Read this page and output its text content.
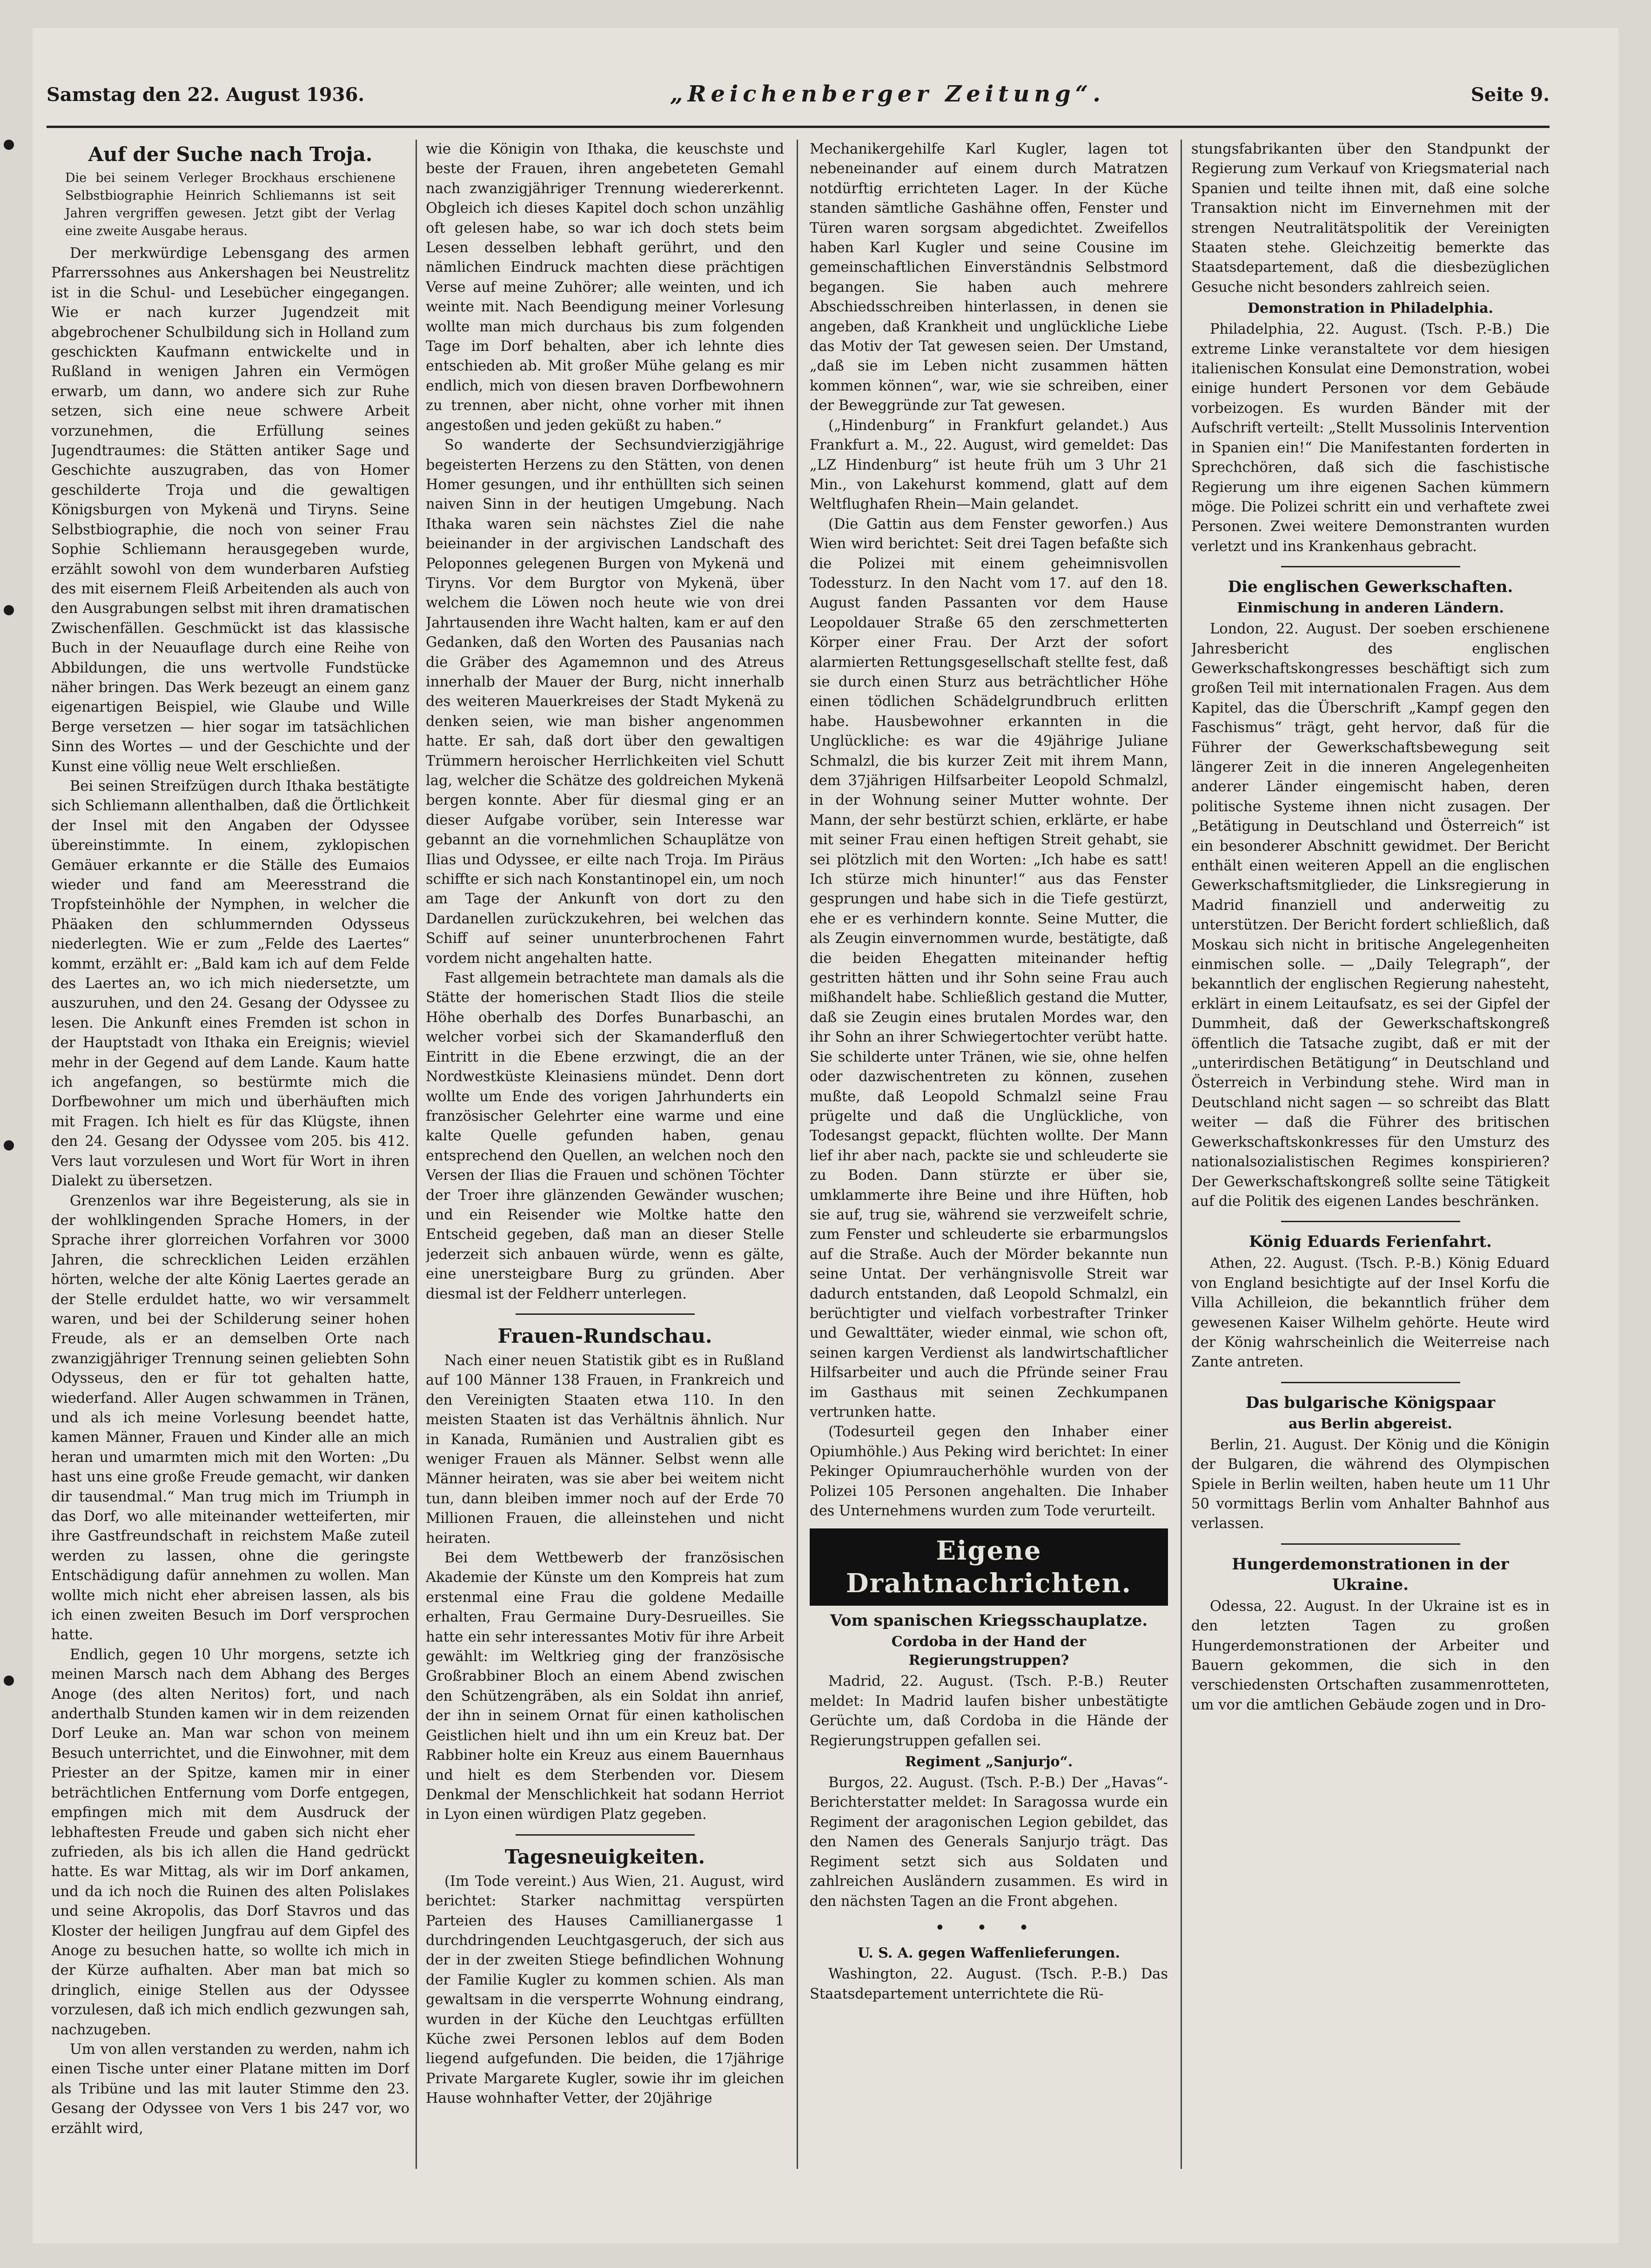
Samstag den 22. August 1936.	„Reichenberger Zeitung“.	Seite 9.
Auf der Suche nach Troja.
Die bei seinem Verleger Brockhaus erschienene Selbstbiographie Heinrich Schliemanns ist seit Jahren vergriffen gewesen. Jetzt gibt der Verlag eine zweite Ausgabe heraus.

Der merkwürdige Lebensgang des armen Pfarrerssohnes aus Ankershagen bei Neustrelitz ist in die Schul- und Lesebücher eingegangen. Wie er nach kurzer Jugendzeit mit abgebrochener Schulbildung sich in Holland zum geschickten Kaufmann entwickelte und in Rußland in wenigen Jahren ein Vermögen erwarb, um dann, wo andere sich zur Ruhe setzen, sich eine neue schwere Arbeit vorzunehmen, die Erfüllung seines Jugendtraumes: die Stätten antiker Sage und Geschichte auszugraben, das von Homer geschilderte Troja und die gewaltigen Königsburgen von Mykenä und Tiryns. Seine Selbstbiographie, die noch von seiner Frau Sophie Schliemann herausgegeben wurde, erzählt sowohl von dem wunderbaren Aufstieg des mit eisernem Fleiß Arbeitenden als auch von den Ausgrabungen selbst mit ihren dramatischen Zwischenfällen. Geschmückt ist das klassische Buch in der Neuauflage durch eine Reihe von Abbildungen, die uns wertvolle Fundstücke näher bringen. Das Werk bezeugt an einem ganz eigenartigen Beispiel, wie Glaube und Wille Berge versetzen — hier sogar im tatsächlichen Sinn des Wortes — und der Geschichte und der Kunst eine völlig neue Welt erschließen.

Bei seinen Streifzügen durch Ithaka bestätigte sich Schliemann allenthalben, daß die Örtlichkeit der Insel mit den Angaben der Odyssee übereinstimmte. In einem, zyklopischen Gemäuer erkannte er die Ställe des Eumaios wieder und fand am Meeresstrand die Tropfsteinhöhle der Nymphen, in welcher die Phäaken den schlummernden Odysseus niederlegten. Wie er zum „Felde des Laertes“ kommt, erzählt er: „Bald kam ich auf dem Felde des Laertes an, wo ich mich niedersetzte, um auszuruhen, und den 24. Gesang der Odyssee zu lesen. Die Ankunft eines Fremden ist schon in der Hauptstadt von Ithaka ein Ereignis; wieviel mehr in der Gegend auf dem Lande. Kaum hatte ich angefangen, so bestürmte mich die Dorfbewohner um mich und überhäuften mich mit Fragen. Ich hielt es für das Klügste, ihnen den 24. Gesang der Odyssee vom 205. bis 412. Vers laut vorzulesen und Wort für Wort in ihren Dialekt zu übersetzen.

Grenzenlos war ihre Begeisterung, als sie in der wohlklingenden Sprache Homers, in der Sprache ihrer glorreichen Vorfahren vor 3000 Jahren, die schrecklichen Leiden erzählen hörten, welche der alte König Laertes gerade an der Stelle erduldet hatte, wo wir versammelt waren, und bei der Schilderung seiner hohen Freude, als er an demselben Orte nach zwanzigjähriger Trennung seinen geliebten Sohn Odysseus, den er für tot gehalten hatte, wiederfand. Aller Augen schwammen in Tränen, und als ich meine Vorlesung beendet hatte, kamen Männer, Frauen und Kinder alle an mich heran und umarmten mich mit den Worten: „Du hast uns eine große Freude gemacht, wir danken dir tausendmal.“ Man trug mich im Triumph in das Dorf, wo alle miteinander wetteiferten, mir ihre Gastfreundschaft in reichstem Maße zuteil werden zu lassen, ohne die geringste Entschädigung dafür annehmen zu wollen. Man wollte mich nicht eher abreisen lassen, als bis ich einen zweiten Besuch im Dorf versprochen hatte.

Endlich, gegen 10 Uhr morgens, setzte ich meinen Marsch nach dem Abhang des Berges Anoge (des alten Neritos) fort, und nach anderthalb Stunden kamen wir in dem reizenden Dorf Leuke an. Man war schon von meinem Besuch unterrichtet, und die Einwohner, mit dem Priester an der Spitze, kamen mir in einer beträchtlichen Entfernung vom Dorfe entgegen, empfingen mich mit dem Ausdruck der lebhaftesten Freude und gaben sich nicht eher zufrieden, als bis ich allen die Hand gedrückt hatte. Es war Mittag, als wir im Dorf ankamen, und da ich noch die Ruinen des alten Polislakes und seine Akropolis, das Dorf Stavros und das Kloster der heiligen Jungfrau auf dem Gipfel des Anoge zu besuchen hatte, so wollte ich mich in der Kürze aufhalten. Aber man bat mich so dringlich, einige Stellen aus der Odyssee vorzulesen, daß ich mich endlich gezwungen sah, nachzugeben.

Um von allen verstanden zu werden, nahm ich einen Tische unter einer Platane mitten im Dorf als Tribüne und las mit lauter Stimme den 23. Gesang der Odyssee von Vers 1 bis 247 vor, wo erzählt wird,

wie die Königin von Ithaka, die keuschste und beste der Frauen, ihren angebeteten Gemahl nach zwanzigjähriger Trennung wiedererkennt. Obgleich ich dieses Kapitel doch schon unzählig oft gelesen habe, so war ich doch stets beim Lesen desselben lebhaft gerührt, und den nämlichen Eindruck machten diese prächtigen Verse auf meine Zuhörer; alle weinten, und ich weinte mit. Nach Beendigung meiner Vorlesung wollte man mich durchaus bis zum folgenden Tage im Dorf behalten, aber ich lehnte dies entschieden ab. Mit großer Mühe gelang es mir endlich, mich von diesen braven Dorfbewohnern zu trennen, aber nicht, ohne vorher mit ihnen angestoßen und jeden geküßt zu haben.“

So wanderte der Sechsundvierzigjährige begeisterten Herzens zu den Stätten, von denen Homer gesungen, und ihr enthüllten sich seinen naiven Sinn in der heutigen Umgebung. Nach Ithaka waren sein nächstes Ziel die nahe beieinander in der argivischen Landschaft des Peloponnes gelegenen Burgen von Mykenä und Tiryns. Vor dem Burgtor von Mykenä, über welchem die Löwen noch heute wie von drei Jahrtausenden ihre Wacht halten, kam er auf den Gedanken, daß den Worten des Pausanias nach die Gräber des Agamemnon und des Atreus innerhalb der Mauer der Burg, nicht innerhalb des weiteren Mauerkreises der Stadt Mykenä zu denken seien, wie man bisher angenommen hatte. Er sah, daß dort über den gewaltigen Trümmern heroischer Herrlichkeiten viel Schutt lag, welcher die Schätze des goldreichen Mykenä bergen konnte. Aber für diesmal ging er an dieser Aufgabe vorüber, sein Interesse war gebannt an die vornehmlichen Schauplätze von Ilias und Odyssee, er eilte nach Troja. Im Piräus schiffte er sich nach Konstantinopel ein, um noch am Tage der Ankunft von dort zu den Dardanellen zurückzukehren, bei welchen das Schiff auf seiner ununterbrochenen Fahrt vordem nicht angehalten hatte.

Fast allgemein betrachtete man damals als die Stätte der homerischen Stadt Ilios die steile Höhe oberhalb des Dorfes Bunarbaschi, an welcher vorbei sich der Skamanderfluß den Eintritt in die Ebene erzwingt, die an der Nordwestküste Kleinasiens mündet. Denn dort wollte um Ende des vorigen Jahrhunderts ein französischer Gelehrter eine warme und eine kalte Quelle gefunden haben, genau entsprechend den Quellen, an welchen noch den Versen der Ilias die Frauen und schönen Töchter der Troer ihre glänzenden Gewänder wuschen; und ein Reisender wie Moltke hatte den Entscheid gegeben, daß man an dieser Stelle jederzeit sich anbauen würde, wenn es gälte, eine unersteigbare Burg zu gründen. Aber diesmal ist der Feldherr unterlegen.

Frauen-Rundschau.

Nach einer neuen Statistik gibt es in Rußland auf 100 Männer 138 Frauen, in Frankreich und den Vereinigten Staaten etwa 110. In den meisten Staaten ist das Verhältnis ähnlich. Nur in Kanada, Rumänien und Australien gibt es weniger Frauen als Männer. Selbst wenn alle Männer heiraten, was sie aber bei weitem nicht tun, dann bleiben immer noch auf der Erde 70 Millionen Frauen, die alleinstehen und nicht heiraten.

Bei dem Wettbewerb der französischen Akademie der Künste um den Kompreis hat zum erstenmal eine Frau die goldene Medaille erhalten, Frau Germaine Dury-Desrueilles. Sie hatte ein sehr interessantes Motiv für ihre Arbeit gewählt: im Weltkrieg ging der französische Großrabbiner Bloch an einem Abend zwischen den Schützengräben, als ein Soldat ihn anrief, der ihn in seinem Ornat für einen katholischen Geistlichen hielt und ihn um ein Kreuz bat. Der Rabbiner holte ein Kreuz aus einem Bauernhaus und hielt es dem Sterbenden vor. Diesem Denkmal der Menschlichkeit hat sodann Herriot in Lyon einen würdigen Platz gegeben.

Tagesneuigkeiten.

(Im Tode vereint.) Aus Wien, 21. August, wird berichtet: Starker nachmittag verspürten Parteien des Hauses Camillianergasse 1 durchdringenden Leuchtgasgeruch, der sich aus der in der zweiten Stiege befindlichen Wohnung der Familie Kugler zu kommen schien. Als man gewaltsam in die versperrte Wohnung eindrang, wurden in der Küche den Leuchtgas erfüllten Küche zwei Personen leblos auf dem Boden liegend aufgefunden. Die beiden, die 17jährige Private Margarete Kugler, sowie ihr im gleichen Hause wohnhafter Vetter, der 20jährige

Mechanikergehilfe Karl Kugler, lagen tot nebeneinander auf einem durch Matratzen notdürftig errichteten Lager. In der Küche standen sämtliche Gashähne offen, Fenster und Türen waren sorgsam abgedichtet. Zweifellos haben Karl Kugler und seine Cousine im gemeinschaftlichen Einverständnis Selbstmord begangen. Sie haben auch mehrere Abschiedsschreiben hinterlassen, in denen sie angeben, daß Krankheit und unglückliche Liebe das Motiv der Tat gewesen seien. Der Umstand, „daß sie im Leben nicht zusammen hätten kommen können“, war, wie sie schreiben, einer der Beweggründe zur Tat gewesen.

(„Hindenburg“ in Frankfurt gelandet.) Aus Frankfurt a. M., 22. August, wird gemeldet: Das „LZ Hindenburg“ ist heute früh um 3 Uhr 21 Min., von Lakehurst kommend, glatt auf dem Weltflughafen Rhein—Main gelandet.

(Die Gattin aus dem Fenster geworfen.) Aus Wien wird berichtet: Seit drei Tagen befaßte sich die Polizei mit einem geheimnisvollen Todessturz. In den Nacht vom 17. auf den 18. August fanden Passanten vor dem Hause Leopoldauer Straße 65 den zerschmetterten Körper einer Frau. Der Arzt der sofort alarmierten Rettungsgesellschaft stellte fest, daß sie durch einen Sturz aus beträchtlicher Höhe einen tödlichen Schädelgrundbruch erlitten habe. Hausbewohner erkannten in die Unglückliche: es war die 49jährige Juliane Schmalzl, die bis kurzer Zeit mit ihrem Mann, dem 37jährigen Hilfsarbeiter Leopold Schmalzl, in der Wohnung seiner Mutter wohnte. Der Mann, der sehr bestürzt schien, erklärte, er habe mit seiner Frau einen heftigen Streit gehabt, sie sei plötzlich mit den Worten: „Ich habe es satt! Ich stürze mich hinunter!“ aus das Fenster gesprungen und habe sich in die Tiefe gestürzt, ehe er es verhindern konnte. Seine Mutter, die als Zeugin einvernommen wurde, bestätigte, daß die beiden Ehegatten miteinander heftig gestritten hätten und ihr Sohn seine Frau auch mißhandelt habe. Schließlich gestand die Mutter, daß sie Zeugin eines brutalen Mordes war, den ihr Sohn an ihrer Schwiegertochter verübt hatte. Sie schilderte unter Tränen, wie sie, ohne helfen oder dazwischentreten zu können, zusehen mußte, daß Leopold Schmalzl seine Frau prügelte und daß die Unglückliche, von Todesangst gepackt, flüchten wollte. Der Mann lief ihr aber nach, packte sie und schleuderte sie zu Boden. Dann stürzte er über sie, umklammerte ihre Beine und ihre Hüften, hob sie auf, trug sie, während sie verzweifelt schrie, zum Fenster und schleuderte sie erbarmungslos auf die Straße. Auch der Mörder bekannte nun seine Untat. Der verhängnisvolle Streit war dadurch entstanden, daß Leopold Schmalzl, ein berüchtigter und vielfach vorbestrafter Trinker und Gewalttäter, wieder einmal, wie schon oft, seinen kargen Verdienst als landwirtschaftlicher Hilfsarbeiter und auch die Pfründe seiner Frau im Gasthaus mit seinen Zechkumpanen vertrunken hatte.

(Todesurteil gegen den Inhaber einer Opiumhöhle.) Aus Peking wird berichtet: In einer Pekinger Opiumraucherhöhle wurden von der Polizei 105 Personen angehalten. Die Inhaber des Unternehmens wurden zum Tode verurteilt.

Eigene Drahtnachrichten.
Vom spanischen Kriegsschauplatze.
Cordoba in der Hand der Regierungstruppen?

Madrid, 22. August. (Tsch. P.-B.) Reuter meldet: In Madrid laufen bisher unbestätigte Gerüchte um, daß Cordoba in die Hände der Regierungstruppen gefallen sei.

Regiment „Sanjurjo“.

Burgos, 22. August. (Tsch. P.-B.) Der „Havas“-Berichterstatter meldet: In Saragossa wurde ein Regiment der aragonischen Legion gebildet, das den Namen des Generals Sanjurjo trägt. Das Regiment setzt sich aus Soldaten und zahlreichen Ausländern zusammen. Es wird in den nächsten Tagen an die Front abgehen.

• • •
U. S. A. gegen Waffenlieferungen.

Washington, 22. August. (Tsch. P.-B.) Das Staatsdepartement unterrichtete die Rü-

stungsfabrikanten über den Standpunkt der Regierung zum Verkauf von Kriegsmaterial nach Spanien und teilte ihnen mit, daß eine solche Transaktion nicht im Einvernehmen mit der strengen Neutralitätspolitik der Vereinigten Staaten stehe. Gleichzeitig bemerkte das Staatsdepartement, daß die diesbezüglichen Gesuche nicht besonders zahlreich seien.

Demonstration in Philadelphia.

Philadelphia, 22. August. (Tsch. P.-B.) Die extreme Linke veranstaltete vor dem hiesigen italienischen Konsulat eine Demonstration, wobei einige hundert Personen vor dem Gebäude vorbeizogen. Es wurden Bänder mit der Aufschrift verteilt: „Stellt Mussolinis Intervention in Spanien ein!“ Die Manifestanten forderten in Sprechchören, daß sich die faschistische Regierung um ihre eigenen Sachen kümmern möge. Die Polizei schritt ein und verhaftete zwei Personen. Zwei weitere Demonstranten wurden verletzt und ins Krankenhaus gebracht.

Die englischen Gewerkschaften.
Einmischung in anderen Ländern.

London, 22. August. Der soeben erschienene Jahresbericht des englischen Gewerkschaftskongresses beschäftigt sich zum großen Teil mit internationalen Fragen. Aus dem Kapitel, das die Überschrift „Kampf gegen den Faschismus“ trägt, geht hervor, daß für die Führer der Gewerkschaftsbewegung seit längerer Zeit in die inneren Angelegenheiten anderer Länder eingemischt haben, deren politische Systeme ihnen nicht zusagen. Der „Betätigung in Deutschland und Österreich“ ist ein besonderer Abschnitt gewidmet. Der Bericht enthält einen weiteren Appell an die englischen Gewerkschaftsmitglieder, die Linksregierung in Madrid finanziell und anderweitig zu unterstützen. Der Bericht fordert schließlich, daß Moskau sich nicht in britische Angelegenheiten einmischen solle. — „Daily Telegraph“, der bekanntlich der englischen Regierung nahesteht, erklärt in einem Leitaufsatz, es sei der Gipfel der Dummheit, daß der Gewerkschaftskongreß öffentlich die Tatsache zugibt, daß er mit der „unterirdischen Betätigung“ in Deutschland und Österreich in Verbindung stehe. Wird man in Deutschland nicht sagen — so schreibt das Blatt weiter — daß die Führer des britischen Gewerkschaftskonkresses für den Umsturz des nationalsozialistischen Regimes konspirieren? Der Gewerkschaftskongreß sollte seine Tätigkeit auf die Politik des eigenen Landes beschränken.

König Eduards Ferienfahrt.

Athen, 22. August. (Tsch. P.-B.) König Eduard von England besichtigte auf der Insel Korfu die Villa Achilleion, die bekanntlich früher dem gewesenen Kaiser Wilhelm gehörte. Heute wird der König wahrscheinlich die Weiterreise nach Zante antreten.

Das bulgarische Königspaar
aus Berlin abgereist.

Berlin, 21. August. Der König und die Königin der Bulgaren, die während des Olympischen Spiele in Berlin weilten, haben heute um 11 Uhr 50 vormittags Berlin vom Anhalter Bahnhof aus verlassen.

Hungerdemonstrationen in der Ukraine.

Odessa, 22. August. In der Ukraine ist es in den letzten Tagen zu großen Hungerdemonstrationen der Arbeiter und Bauern gekommen, die sich in den verschiedensten Ortschaften zusammenrotteten, um vor die amtlichen Gebäude zogen und in Dro-
